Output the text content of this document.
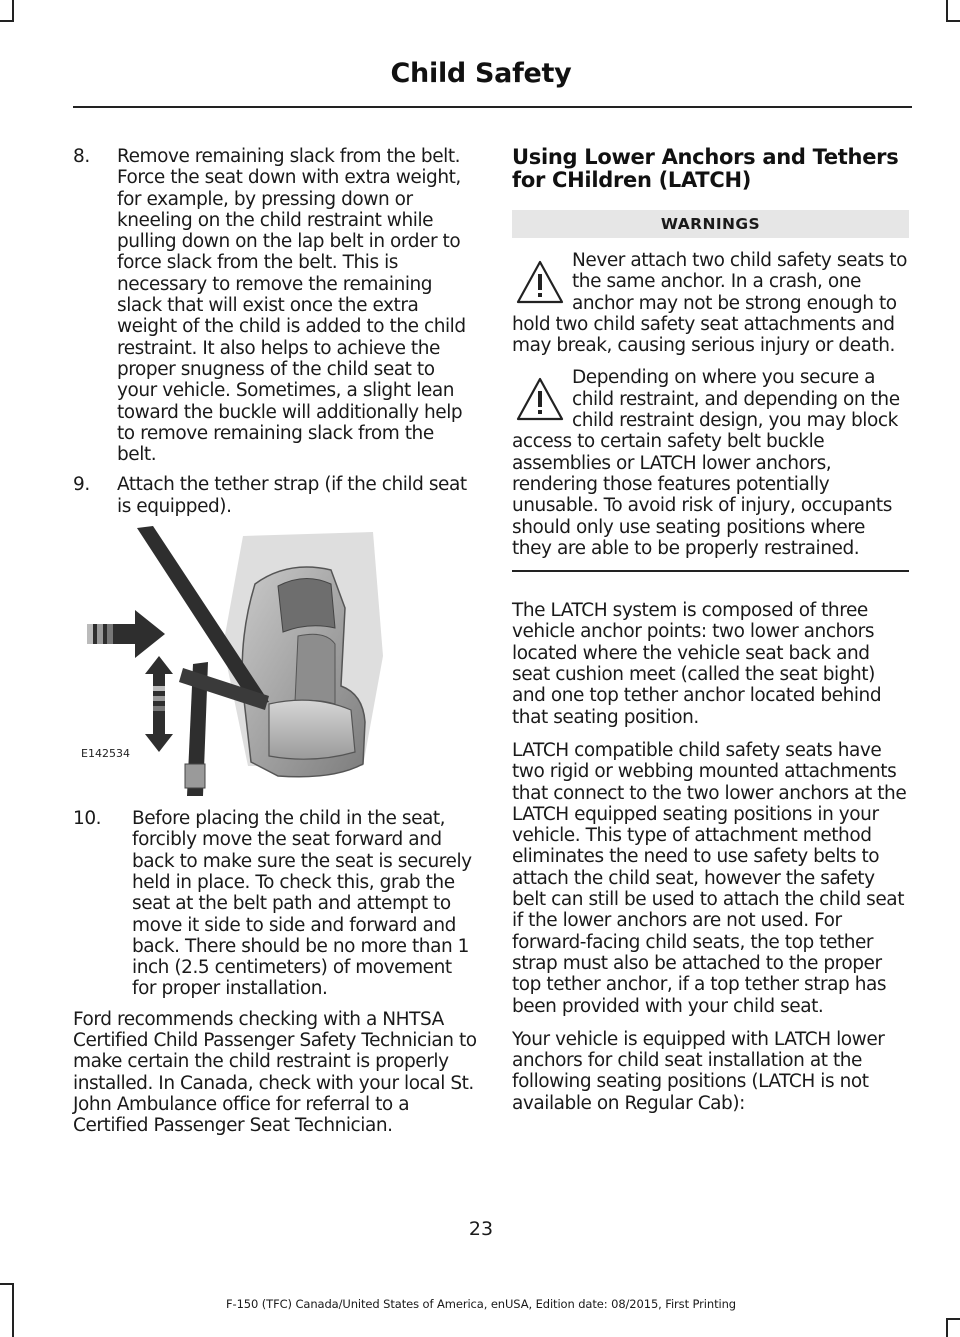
Child Safety
8. Remove remaining slack from the belt. Force the seat down with extra weight, for example, by pressing down or kneeling on the child restraint while pulling down on the lap belt in order to force slack from the belt. This is necessary to remove the remaining slack that will exist once the extra weight of the child is added to the child restraint. It also helps to achieve the proper snugness of the child seat to your vehicle. Sometimes, a slight lean toward the buckle will additionally help to remove remaining slack from the belt.
9. Attach the tether strap (if the child seat is equipped).
E142534
10. Before placing the child in the seat, forcibly move the seat forward and back to make sure the seat is securely held in place. To check this, grab the seat at the belt path and attempt to move it side to side and forward and back. There should be no more than 1 inch (2.5 centimeters) of movement for proper installation.

Ford recommends checking with a NHTSA Certified Child Passenger Safety Technician to make certain the child restraint is properly installed. In Canada, check with your local St. John Ambulance office for referral to a Certified Passenger Seat Technician.

Using Lower Anchors and Tethers for CHildren (LATCH)
WARNINGS

Never attach two child safety seats to the same anchor. In a crash, one anchor may not be strong enough to hold two child safety seat attachments and may break, causing serious injury or death.

Depending on where you secure a child restraint, and depending on the child restraint design, you may block access to certain safety belt buckle assemblies or LATCH lower anchors, rendering those features potentially unusable. To avoid risk of injury, occupants should only use seating positions where they are able to be properly restrained.

The LATCH system is composed of three vehicle anchor points: two lower anchors located where the vehicle seat back and seat cushion meet (called the seat bight) and one top tether anchor located behind that seating position.

LATCH compatible child safety seats have two rigid or webbing mounted attachments that connect to the two lower anchors at the LATCH equipped seating positions in your vehicle. This type of attachment method eliminates the need to use safety belts to attach the child seat, however the safety belt can still be used to attach the child seat if the lower anchors are not used. For forward-facing child seats, the top tether strap must also be attached to the proper top tether anchor, if a top tether strap has been provided with your child seat.

Your vehicle is equipped with LATCH lower anchors for child seat installation at the following seating positions (LATCH is not available on Regular Cab):

23
F-150 (TFC) Canada/United States of America, enUSA, Edition date: 08/2015, First Printing
